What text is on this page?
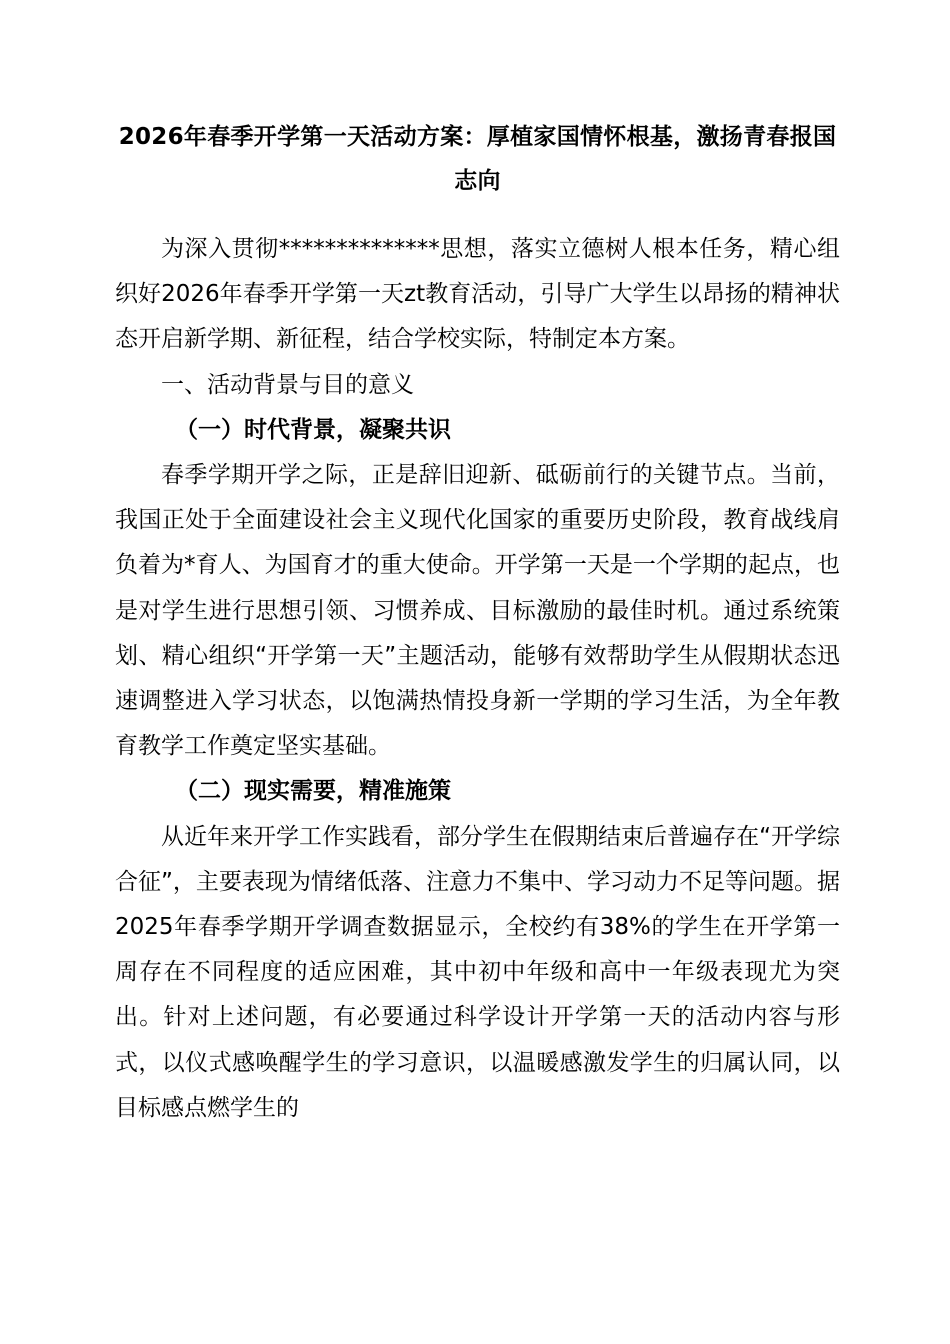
2026年春季开学第一天活动方案：厚植家国情怀根基，激扬青春报国志向

为深入贯彻**************思想，落实立德树人根本任务，精心组织好2026年春季开学第一天zt教育活动，引导广大学生以昂扬的精神状态开启新学期、新征程，结合学校实际，特制定本方案。

一、活动背景与目的意义

（一）时代背景，凝聚共识

春季学期开学之际，正是辞旧迎新、砥砺前行的关键节点。当前，我国正处于全面建设社会主义现代化国家的重要历史阶段，教育战线肩负着为*育人、为国育才的重大使命。开学第一天是一个学期的起点，也是对学生进行思想引领、习惯养成、目标激励的最佳时机。通过系统策划、精心组织“开学第一天”主题活动，能够有效帮助学生从假期状态迅速调整进入学习状态，以饱满热情投身新一学期的学习生活，为全年教育教学工作奠定坚实基础。

（二）现实需要，精准施策

从近年来开学工作实践看，部分学生在假期结束后普遍存在“开学综合征”，主要表现为情绪低落、注意力不集中、学习动力不足等问题。据2025年春季学期开学调查数据显示，全校约有38%的学生在开学第一周存在不同程度的适应困难，其中初中年级和高中一年级表现尤为突出。针对上述问题，有必要通过科学设计开学第一天的活动内容与形式，以仪式感唤醒学生的学习意识，以温暖感激发学生的归属认同，以目标感点燃学生的
